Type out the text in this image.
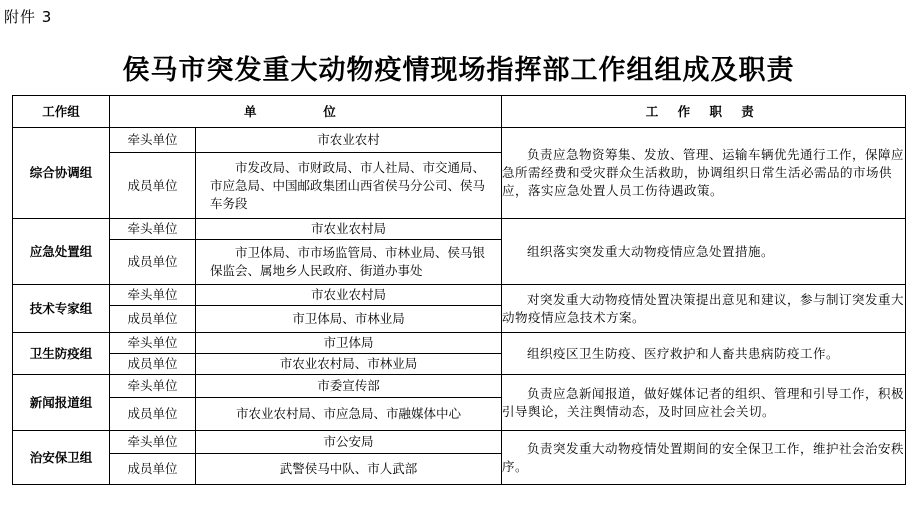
附件 3
侯马市突发重大动物疫情现场指挥部工作组组成及职责
工作组	单 位		工 作 职 责
综合协调组	牵头单位	市农业农村	负责应急物资筹集、发放、管理、运输车辆优先通行工作，保障应急所需经费和受灾群众生活救助，协调组织日常生活必需品的市场供应，落实应急处置人员工伤待遇政策。
	成员单位	市发改局、市财政局、市人社局、市交通局、市应急局、中国邮政集团山西省侯马分公司、侯马车务段	
应急处置组	牵头单位	市农业农村局	组织落实突发重大动物疫情应急处置措施。
	成员单位	市卫体局、市市场监管局、市林业局、侯马银保监会、属地乡人民政府、街道办事处	
技术专家组	牵头单位	市农业农村局	对突发重大动物疫情处置决策提出意见和建议，参与制订突发重大动物疫情应急技术方案。
	成员单位	市卫体局、市林业局	
卫生防疫组	牵头单位	市卫体局	组织疫区卫生防疫、医疗救护和人畜共患病防疫工作。
	成员单位	市农业农村局、市林业局	
新闻报道组	牵头单位	市委宣传部	负责应急新闻报道，做好媒体记者的组织、管理和引导工作，积极引导舆论，关注舆情动态，及时回应社会关切。
	成员单位	市农业农村局、市应急局、市融媒体中心	
治安保卫组	牵头单位	市公安局	负责突发重大动物疫情处置期间的安全保卫工作，维护社会治安秩序。
	成员单位	武警侯马中队、市人武部	
